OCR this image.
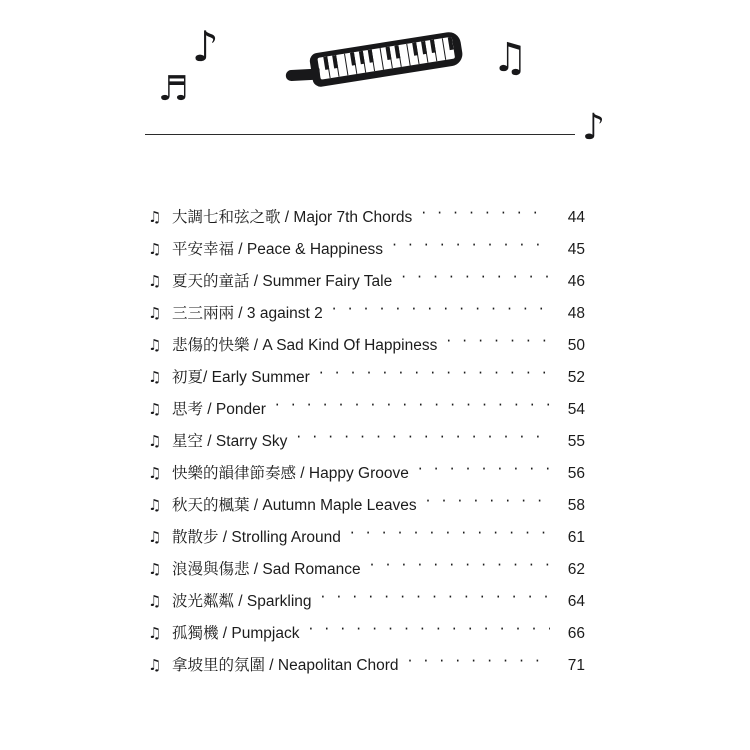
♪
♬
♫
♪
♫ 大調七和弦之歌 / Major 7th Chords · · ·	44
♫ 平安幸福 / Peace & Happiness · · ·	45
♫ 夏天的童話 / Summer Fairy Tale · · ·	46
♫ 三三兩兩 / 3 against 2 · · ·	48
♫ 悲傷的快樂 / A Sad Kind Of Happiness · · ·	50
♫ 初夏/ Early Summer · · ·	52
♫ 思考 / Ponder · · ·	54
♫ 星空 / Starry Sky · · ·	55
♫ 快樂的韻律節奏感 / Happy Groove · · ·	56
♫ 秋天的楓葉 / Autumn Maple Leaves · · ·	58
♫ 散散步 / Strolling Around · · ·	61
♫ 浪漫與傷悲 / Sad Romance · · ·	62
♫ 波光粼粼 / Sparkling · · ·	64
♫ 孤獨機 / Pumpjack · · ·	66
♫ 拿坡里的氛圍 / Neapolitan Chord · · ·	71
